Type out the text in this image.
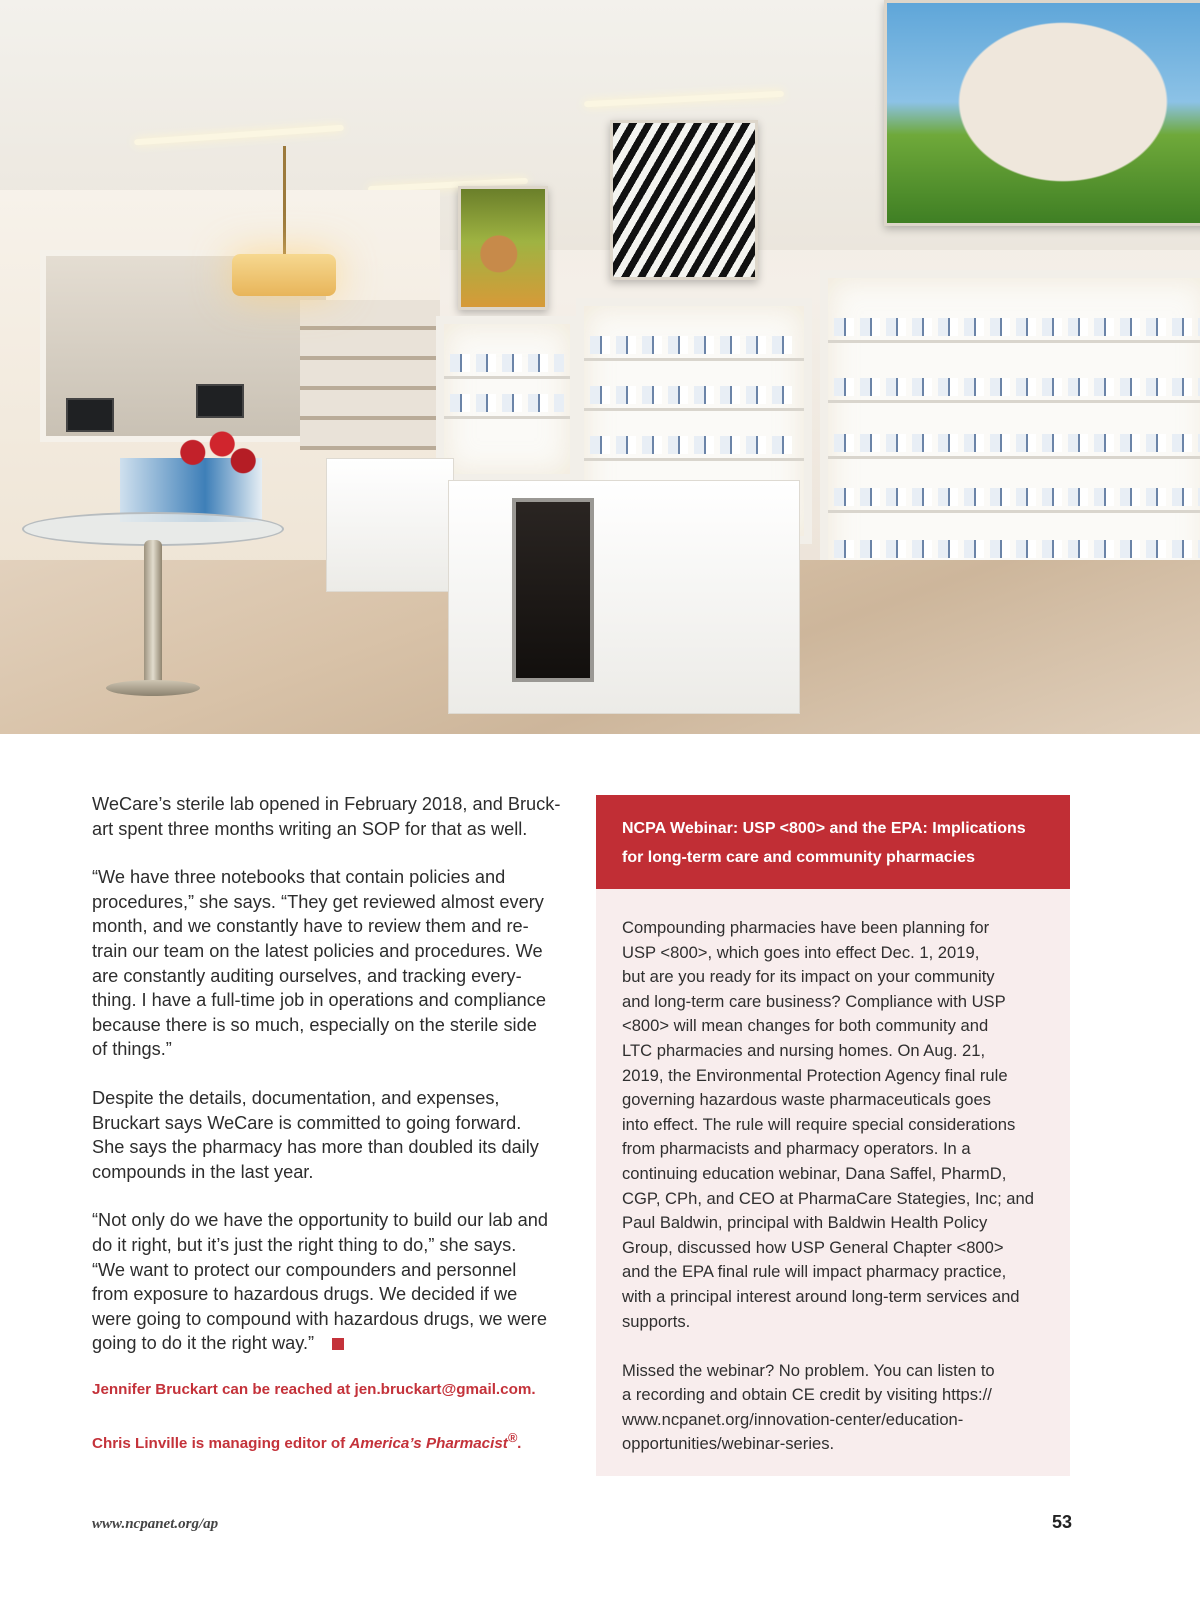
WeCare’s sterile lab opened in February 2018, and Bruck-
art spent three months writing an SOP for that as well.

“We have three notebooks that contain policies and
procedures,” she says. “They get reviewed almost every
month, and we constantly have to review them and re-
train our team on the latest policies and procedures. We
are constantly auditing ourselves, and tracking every-
thing. I have a full-time job in operations and compliance
because there is so much, especially on the sterile side
of things.”

Despite the details, documentation, and expenses,
Bruckart says WeCare is committed to going forward.
She says the pharmacy has more than doubled its daily
compounds in the last year.

“Not only do we have the opportunity to build our lab and
do it right, but it’s just the right thing to do,” she says.
“We want to protect our compounders and personnel
from exposure to hazardous drugs. We decided if we
were going to compound with hazardous drugs, we were
going to do it the right way.”

Jennifer Bruckart can be reached at jen.bruckart@gmail.com.

Chris Linville is managing editor of America’s Pharmacist®.

NCPA Webinar: USP <800> and the EPA: Implications
for long-term care and community pharmacies

Compounding pharmacies have been planning for
USP <800>, which goes into effect Dec. 1, 2019,
but are you ready for its impact on your community
and long-term care business? Compliance with USP
<800> will mean changes for both community and
LTC pharmacies and nursing homes. On Aug. 21,
2019, the Environmental Protection Agency final rule
governing hazardous waste pharmaceuticals goes
into effect. The rule will require special considerations
from pharmacists and pharmacy operators. In a
continuing education webinar, Dana Saffel, PharmD,
CGP, CPh, and CEO at PharmaCare Stategies, Inc; and
Paul Baldwin, principal with Baldwin Health Policy
Group, discussed how USP General Chapter <800>
and the EPA final rule will impact pharmacy practice,
with a principal interest around long-term services and
supports.

Missed the webinar? No problem. You can listen to
a recording and obtain CE credit by visiting https://
www.ncpanet.org/innovation-center/education-
opportunities/webinar-series.

www.ncpanet.org/ap	53
